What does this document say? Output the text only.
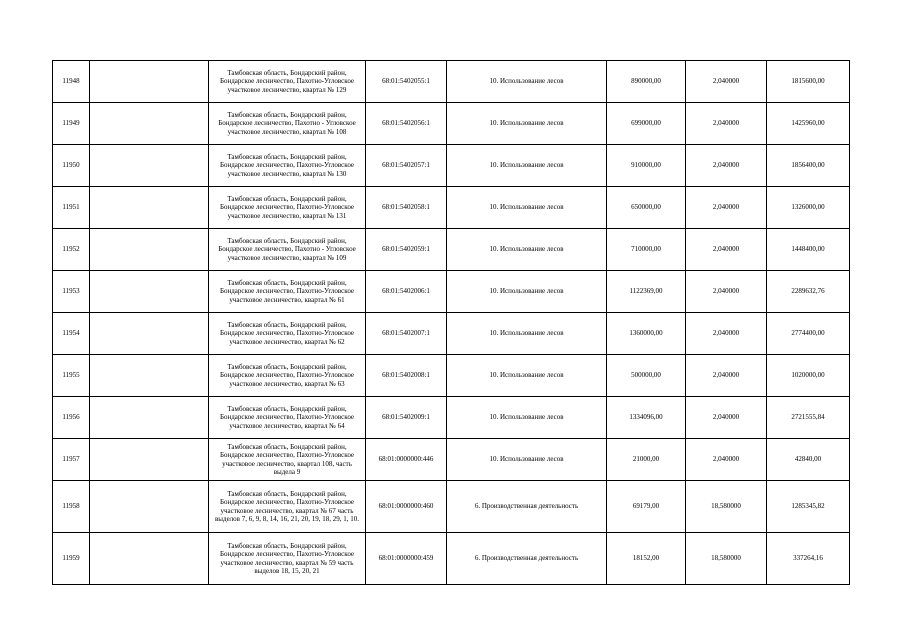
11948		Тамбовская область, Бондарский район, Бондарское лесничество, Пахотно-Угловское участковое лесничество, квартал № 129	68:01:5402055:1	10. Использование лесов	890000,00	2,040000	1815600,00
11949		Тамбовская область, Бондарский район, Бондарское лесничество, Пахотно - Угловское участковое лесничество, квартал № 108	68:01:5402056:1	10. Использование лесов	699000,00	2,040000	1425960,00
11950		Тамбовская область, Бондарский район, Бондарское лесничество, Пахотно-Угловское участковое лесничество, квартал № 130	68:01:5402057:1	10. Использование лесов	910000,00	2,040000	1856400,00
11951		Тамбовская область, Бондарский район, Бондарское лесничество, Пахотно-Угловское участковое лесничество, квартал № 131	68:01:5402058:1	10. Использование лесов	650000,00	2,040000	1326000,00
11952		Тамбовская область, Бондарский район, Бондарское лесничество, Пахотно - Угловское участковое лесничество, квартал № 109	68:01:5402059:1	10. Использование лесов	710000,00	2,040000	1448400,00
11953		Тамбовская область, Бондарский район, Бондарское лесничество, Пахотно-Угловское участковое лесничество, квартал № 61	68:01:5402006:1	10. Использование лесов	1122369,00	2,040000	2289632,76
11954		Тамбовская область, Бондарский район, Бондарское лесничество, Пахотно-Угловское участковое лесничество, квартал № 62	68:01:5402007:1	10. Использование лесов	1360000,00	2,040000	2774400,00
11955		Тамбовская область, Бондарский район, Бондарское лесничество, Пахотно-Угловское участковое лесничество, квартал № 63	68:01:5402008:1	10. Использование лесов	500000,00	2,040000	1020000,00
11956		Тамбовская область, Бондарский район, Бондарское лесничество, Пахотно-Угловское участковое лесничество, квартал № 64	68:01:5402009:1	10. Использование лесов	1334096,00	2,040000	2721555,84
11957		Тамбовская область, Бондарский район, Бондарское лесничество, Пахотно-Угловское участковое лесничество, квартал 108, часть выдела 9	68:01:0000000:446	10. Использование лесов	21000,00	2,040000	42840,00
11958		Тамбовская область, Бондарский район, Бондарское лесничество, Пахотно-Угловское участковое лесничество, квартал № 67 часть выделов 7, 6, 9, 8, 14, 16, 21, 20, 19, 18, 29, 1, 10.	68:01:0000000:460	6. Производственная деятельность	69179,00	18,580000	1285345,82
11959		Тамбовская область, Бондарский район, Бондарское лесничество, Пахотно-Угловское участковое лесничество, квартал № 59 часть выделов 18, 15, 20, 21	68:01:0000000:459	6. Производственная деятельность	18152,00	18,580000	337264,16
